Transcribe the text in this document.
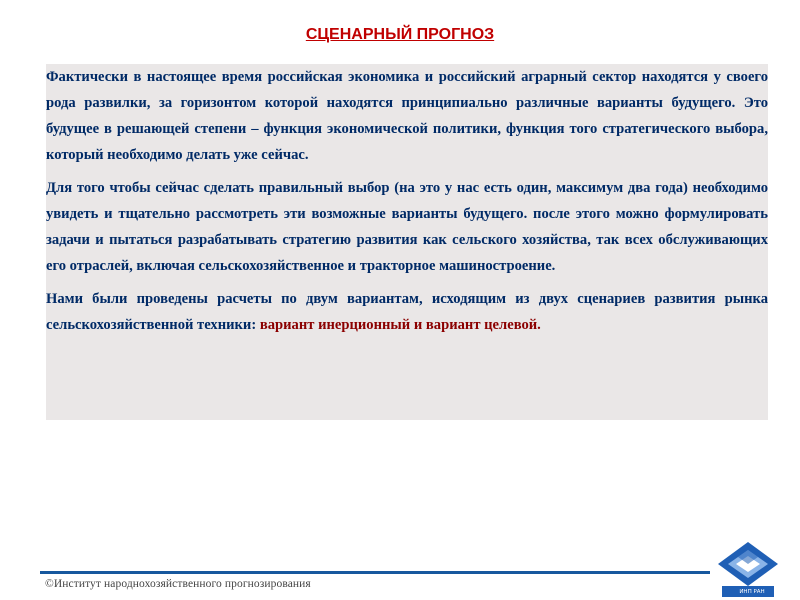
СЦЕНАРНЫЙ ПРОГНОЗ

Фактически в настоящее время российская экономика и российский аграрный сектор находятся у своего рода развилки, за горизонтом которой находятся принципиально различные варианты будущего. Это будущее в решающей степени – функция экономической политики, функция того стратегического выбора, который необходимо делать уже сейчас.

Для того чтобы сейчас сделать правильный выбор (на это у нас есть один, максимум два года) необходимо увидеть и тщательно рассмотреть эти возможные варианты будущего. после этого можно формулировать задачи и пытаться разрабатывать стратегию развития как сельского хозяйства, так всех обслуживающих его отраслей, включая сельскохозяйственное и тракторное машиностроение.

Нами были проведены расчеты по двум вариантам, исходящим из двух сценариев развития рынка сельскохозяйственной техники: вариант инерционный и вариант целевой.

©Институт народнохозяйственного прогнозирования
ИНП РАН
